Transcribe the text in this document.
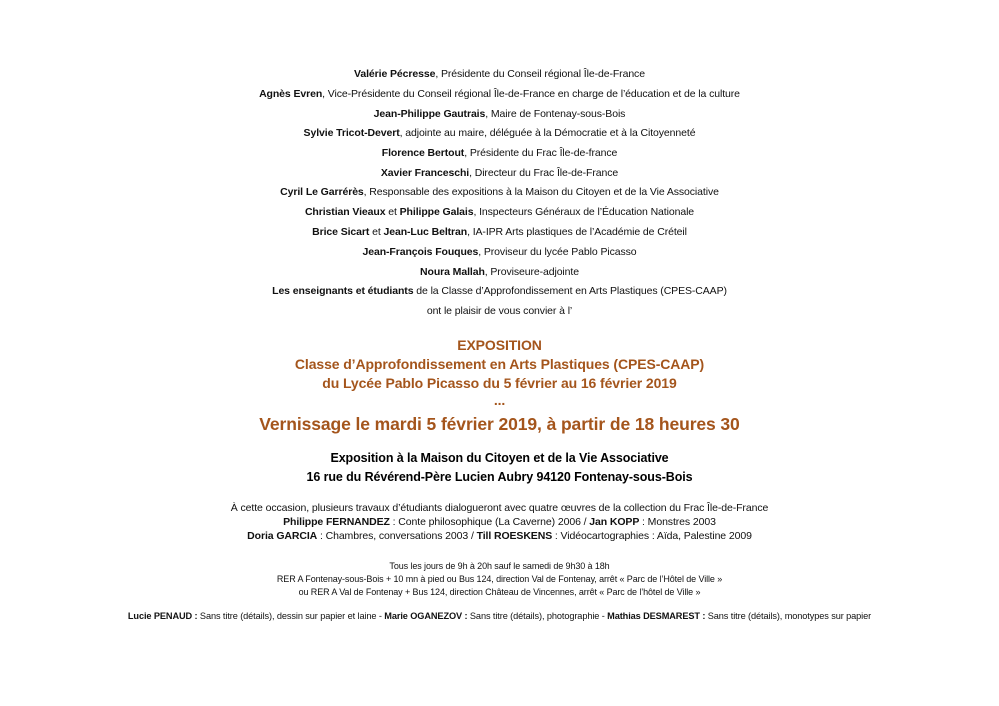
Valérie Pécresse, Présidente du Conseil régional Île-de-France
Agnès Evren, Vice-Présidente du Conseil régional Île-de-France en charge de l’éducation et de la culture
Jean-Philippe Gautrais, Maire de Fontenay-sous-Bois
Sylvie Tricot-Devert, adjointe au maire, déléguée à la Démocratie et à la Citoyenneté
Florence Bertout, Présidente du Frac Île-de-france
Xavier Franceschi, Directeur du Frac Île-de-France
Cyril Le Garrérès, Responsable des expositions à la Maison du Citoyen et de la Vie Associative
Christian Vieaux et Philippe Galais, Inspecteurs Généraux de l’Éducation Nationale
Brice Sicart et Jean-Luc Beltran, IA-IPR Arts plastiques de l’Académie de Créteil
Jean-François Fouques, Proviseur du lycée Pablo Picasso
Noura Mallah, Proviseure-adjointe
Les enseignants et étudiants de la Classe d’Approfondissement en Arts Plastiques (CPES-CAAP)
ont le plaisir de vous convier à l’
EXPOSITION
Classe d’Approfondissement en Arts Plastiques (CPES-CAAP)
du Lycée Pablo Picasso du 5 février au 16 février 2019
...
Vernissage le mardi 5 février 2019, à partir de 18 heures 30
Exposition à la Maison du Citoyen et de la Vie Associative
16 rue du Révérend-Père Lucien Aubry 94120 Fontenay-sous-Bois
À cette occasion, plusieurs travaux d’étudiants dialogueront avec quatre œuvres de la collection du Frac Île-de-France
Philippe FERNANDEZ : Conte philosophique (La Caverne) 2006 / Jan KOPP : Monstres 2003
Doria GARCIA : Chambres, conversations 2003 / Till ROESKENS : Vidéocartographies : Aïda, Palestine 2009
Tous les jours de 9h à 20h sauf le samedi de 9h30 à 18h
RER A Fontenay-sous-Bois + 10 mn à pied ou Bus 124, direction Val de Fontenay, arrêt « Parc de l’Hôtel de Ville »
ou RER A Val de Fontenay + Bus 124, direction Château de Vincennes, arrêt « Parc de l’hôtel de Ville »
Lucie PENAUD : Sans titre (détails), dessin sur papier et laine - Marie OGANEZOV : Sans titre (détails), photographie - Mathias DESMAREST : Sans titre (détails), monotypes sur papier
